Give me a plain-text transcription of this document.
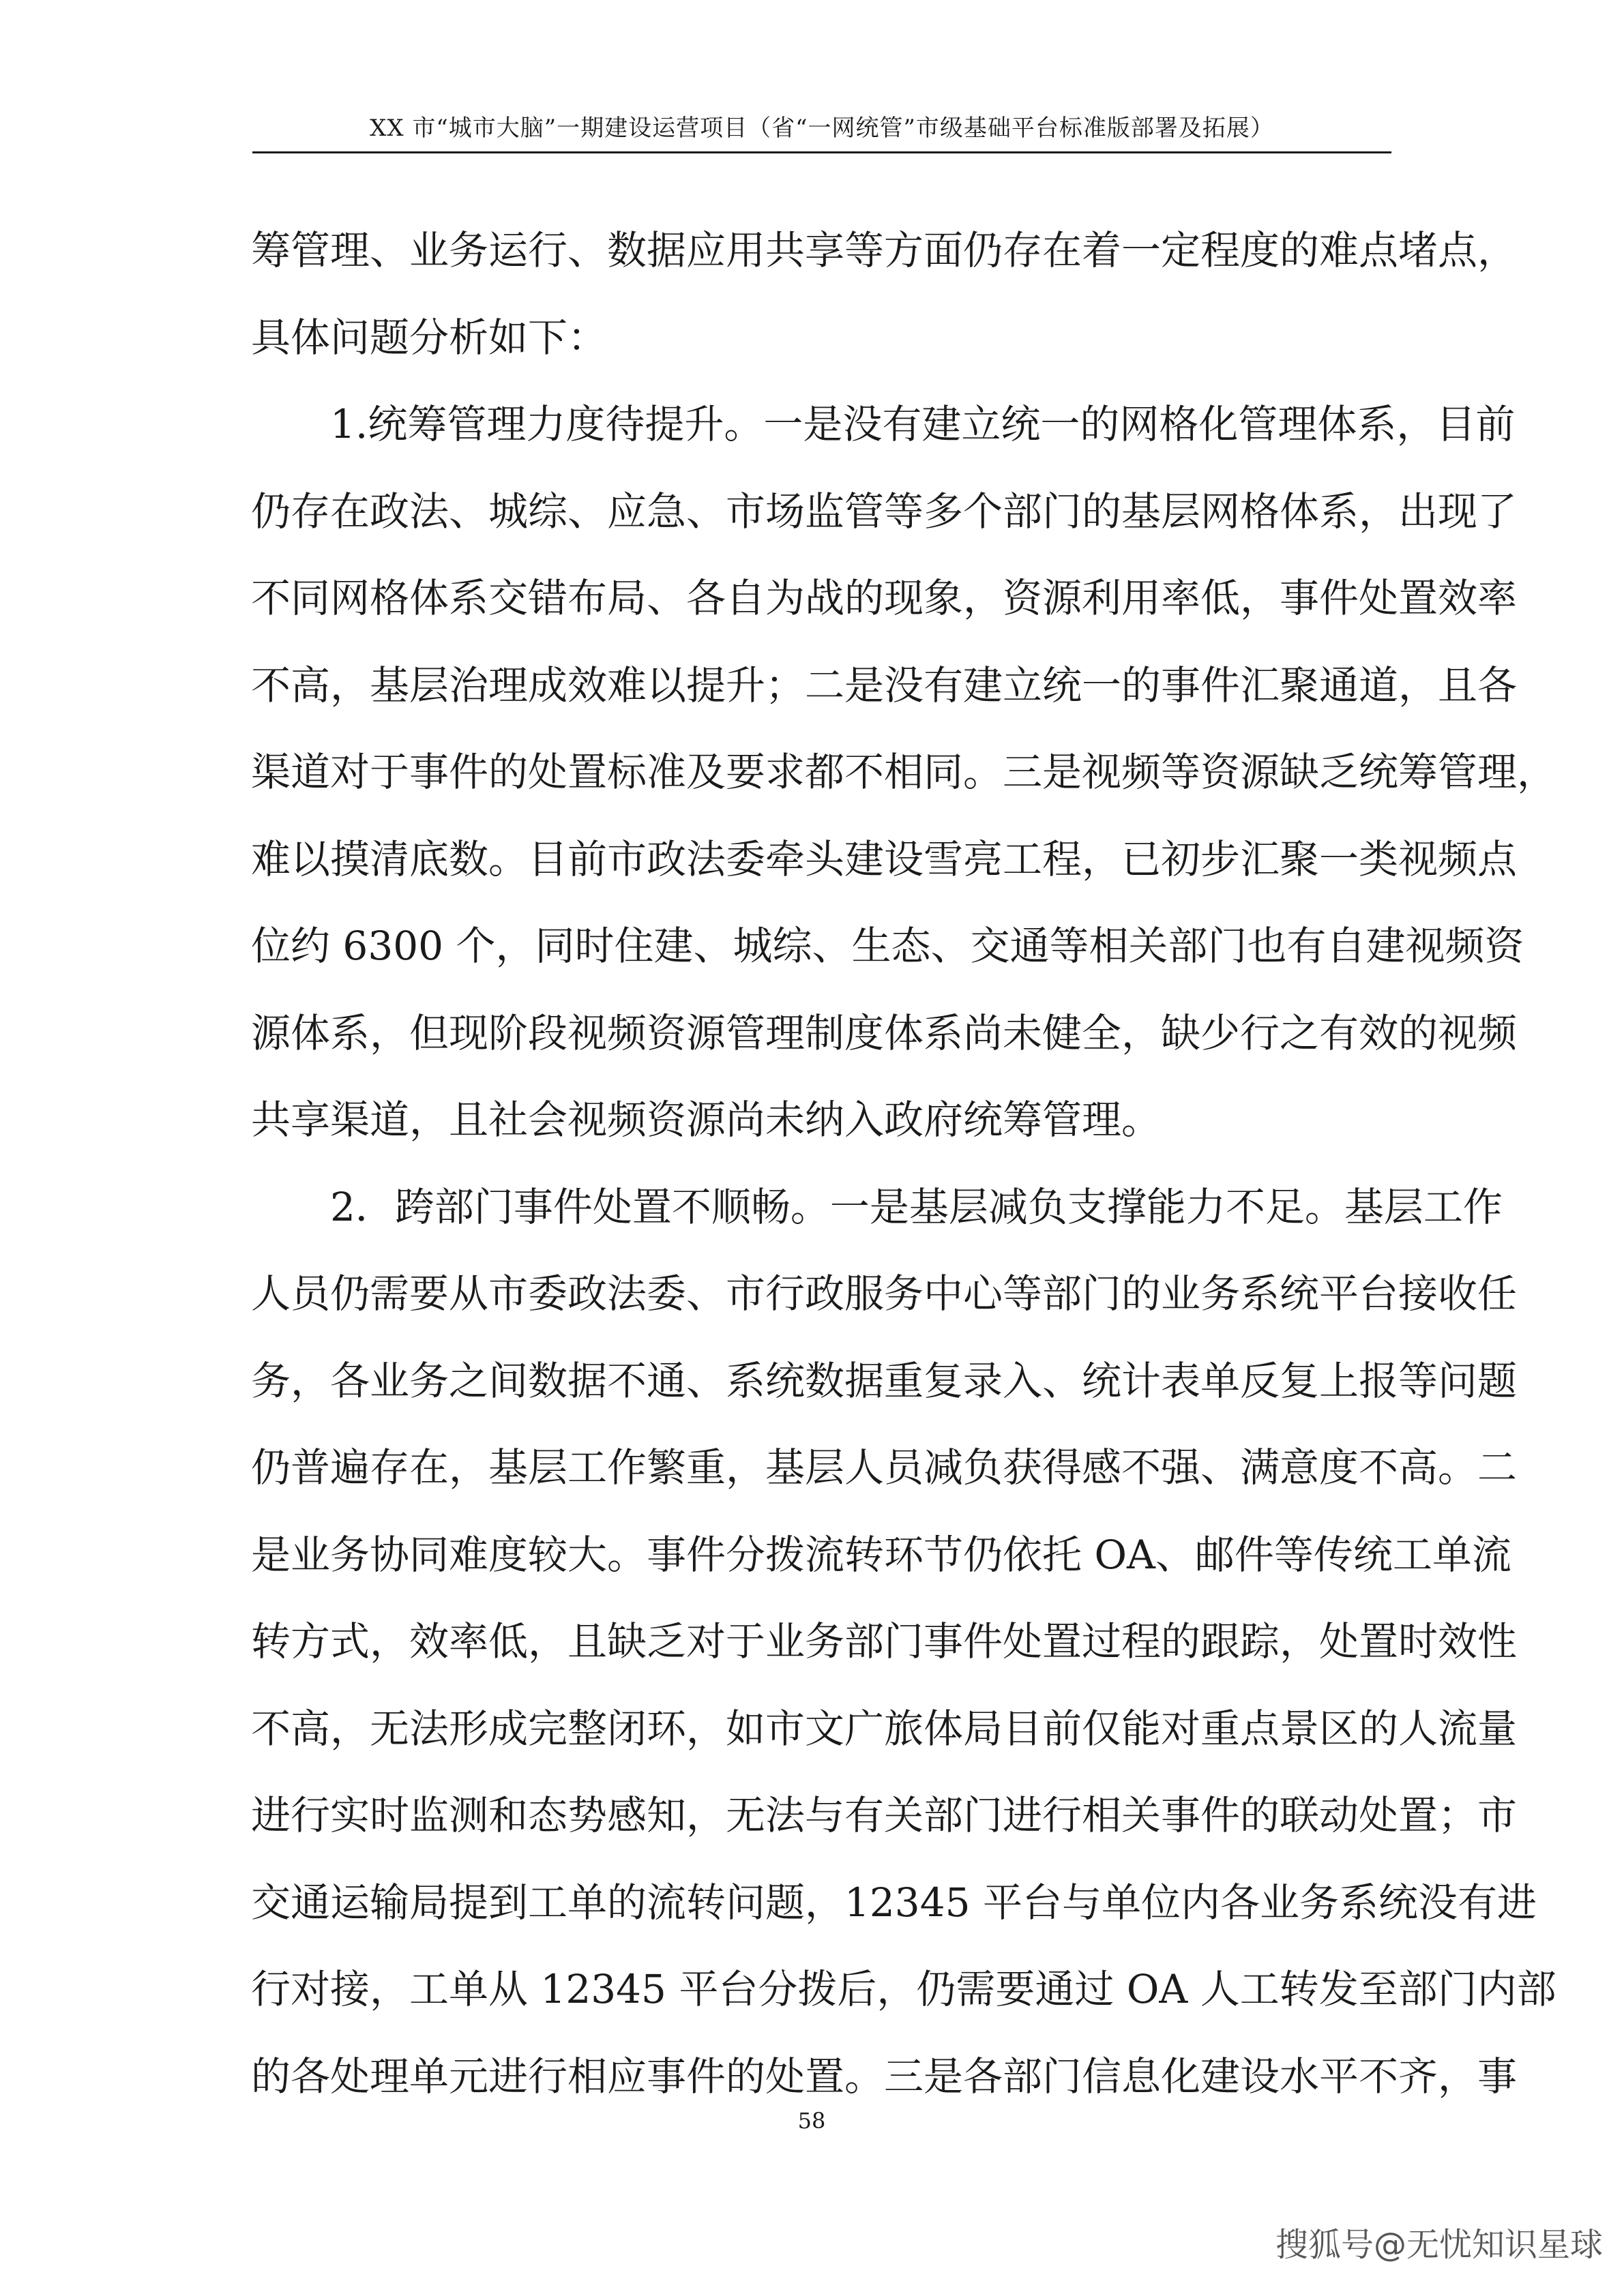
XX 市“城市大脑”一期建设运营项目（省“一网统管”市级基础平台标准版部署及拓展）
筹管理、业务运行、数据应用共享等方面仍存在着一定程度的难点堵点，
具体问题分析如下：
1.统筹管理力度待提升。一是没有建立统一的网格化管理体系，目前
仍存在政法、城综、应急、市场监管等多个部门的基层网格体系，出现了
不同网格体系交错布局、各自为战的现象，资源利用率低，事件处置效率
不高，基层治理成效难以提升；二是没有建立统一的事件汇聚通道，且各
渠道对于事件的处置标准及要求都不相同。三是视频等资源缺乏统筹管理，
难以摸清底数。目前市政法委牵头建设雪亮工程，已初步汇聚一类视频点
位约 6300 个，同时住建、城综、生态、交通等相关部门也有自建视频资
源体系，但现阶段视频资源管理制度体系尚未健全，缺少行之有效的视频
共享渠道，且社会视频资源尚未纳入政府统筹管理。
2．跨部门事件处置不顺畅。一是基层减负支撑能力不足。基层工作
人员仍需要从市委政法委、市行政服务中心等部门的业务系统平台接收任
务，各业务之间数据不通、系统数据重复录入、统计表单反复上报等问题
仍普遍存在，基层工作繁重，基层人员减负获得感不强、满意度不高。二
是业务协同难度较大。事件分拨流转环节仍依托 OA、邮件等传统工单流
转方式，效率低，且缺乏对于业务部门事件处置过程的跟踪，处置时效性
不高，无法形成完整闭环，如市文广旅体局目前仅能对重点景区的人流量
进行实时监测和态势感知，无法与有关部门进行相关事件的联动处置；市
交通运输局提到工单的流转问题，12345 平台与单位内各业务系统没有进
行对接，工单从 12345 平台分拨后，仍需要通过 OA 人工转发至部门内部
的各处理单元进行相应事件的处置。三是各部门信息化建设水平不齐，事
58
搜狐号@无忧知识星球
